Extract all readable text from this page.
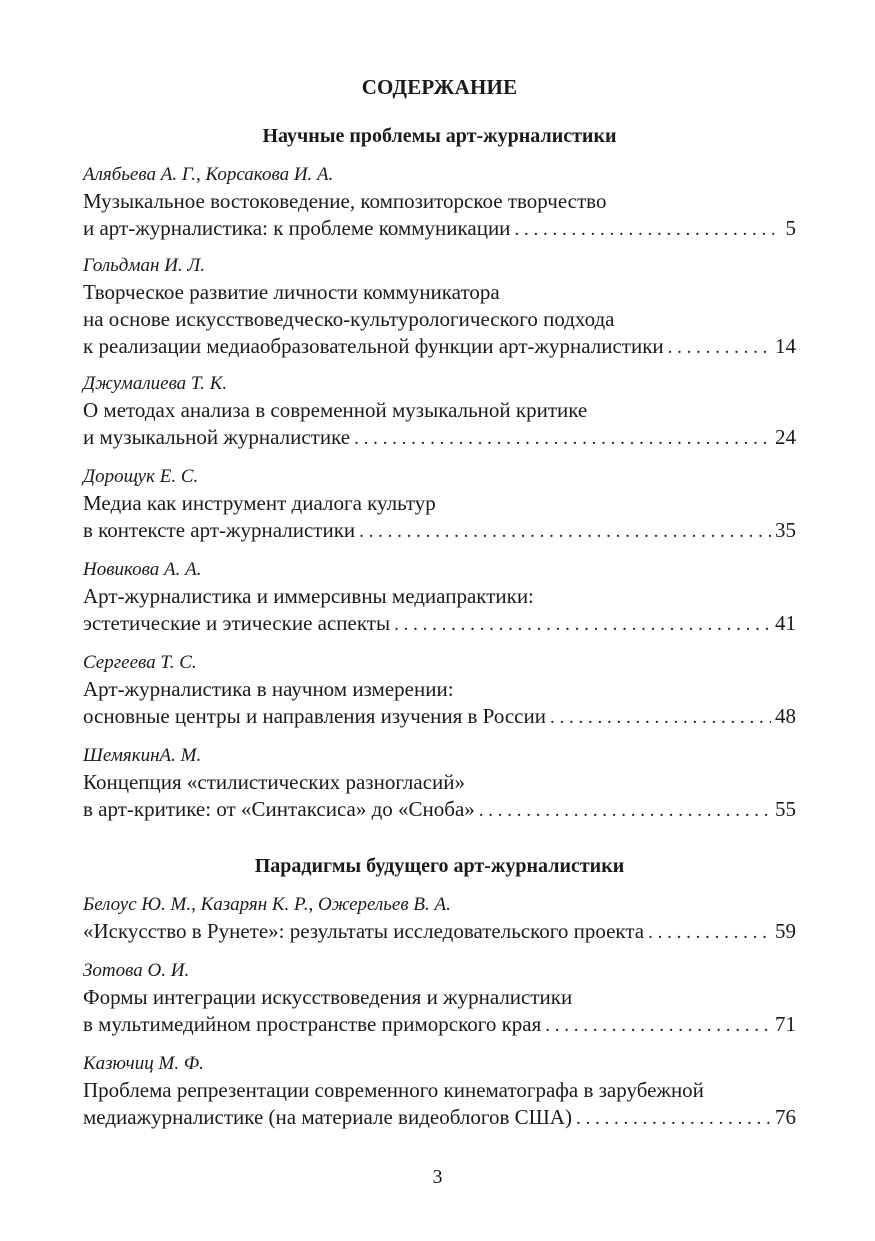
СОДЕРЖАНИЕ
Научные проблемы арт-журналистики

Алябьева А. Г., Корсакова И. А.

Музыкальное востоковедение, композиторское творчество

и арт-журналистика: к проблеме коммуникации . . .	5

Гольдман И. Л.

Творческое развитие личности коммуникатора

на основе искусствоведческо-культурологического подхода

к реализации медиаобразовательной функции арт-журналистики . . .	14

Джумалиева Т. К.

О методах анализа в современной музыкальной критике

и музыкальной журналистике . . .	24

Дорощук Е. С.

Медиа как инструмент диалога культур

в контексте арт-журналистики . . .	35

Новикова А. А.

Арт-журналистика и иммерсивны медиапрактики:

эстетические и этические аспекты . . .	41

Сергеева Т. С.

Арт-журналистика в научном измерении:

основные центры и направления изучения в России . . .	48

ШемякинА. М.

Концепция «стилистических разногласий»

в арт-критике: от «Синтаксиса» до «Сноба» . . .	55
Парадигмы будущего арт-журналистики

Белоус Ю. М., Казарян К. Р., Ожерельев В. А.

«Искусство в Рунете»: результаты исследовательского проекта . . .	59

Зотова О. И.

Формы интеграции искусствоведения и журналистики

в мультимедийном пространстве приморского края . . .	71

Казючиц М. Ф.

Проблема репрезентации современного кинематографа в зарубежной

медиажурналистике (на материале видеоблогов США) . . .	76
3
